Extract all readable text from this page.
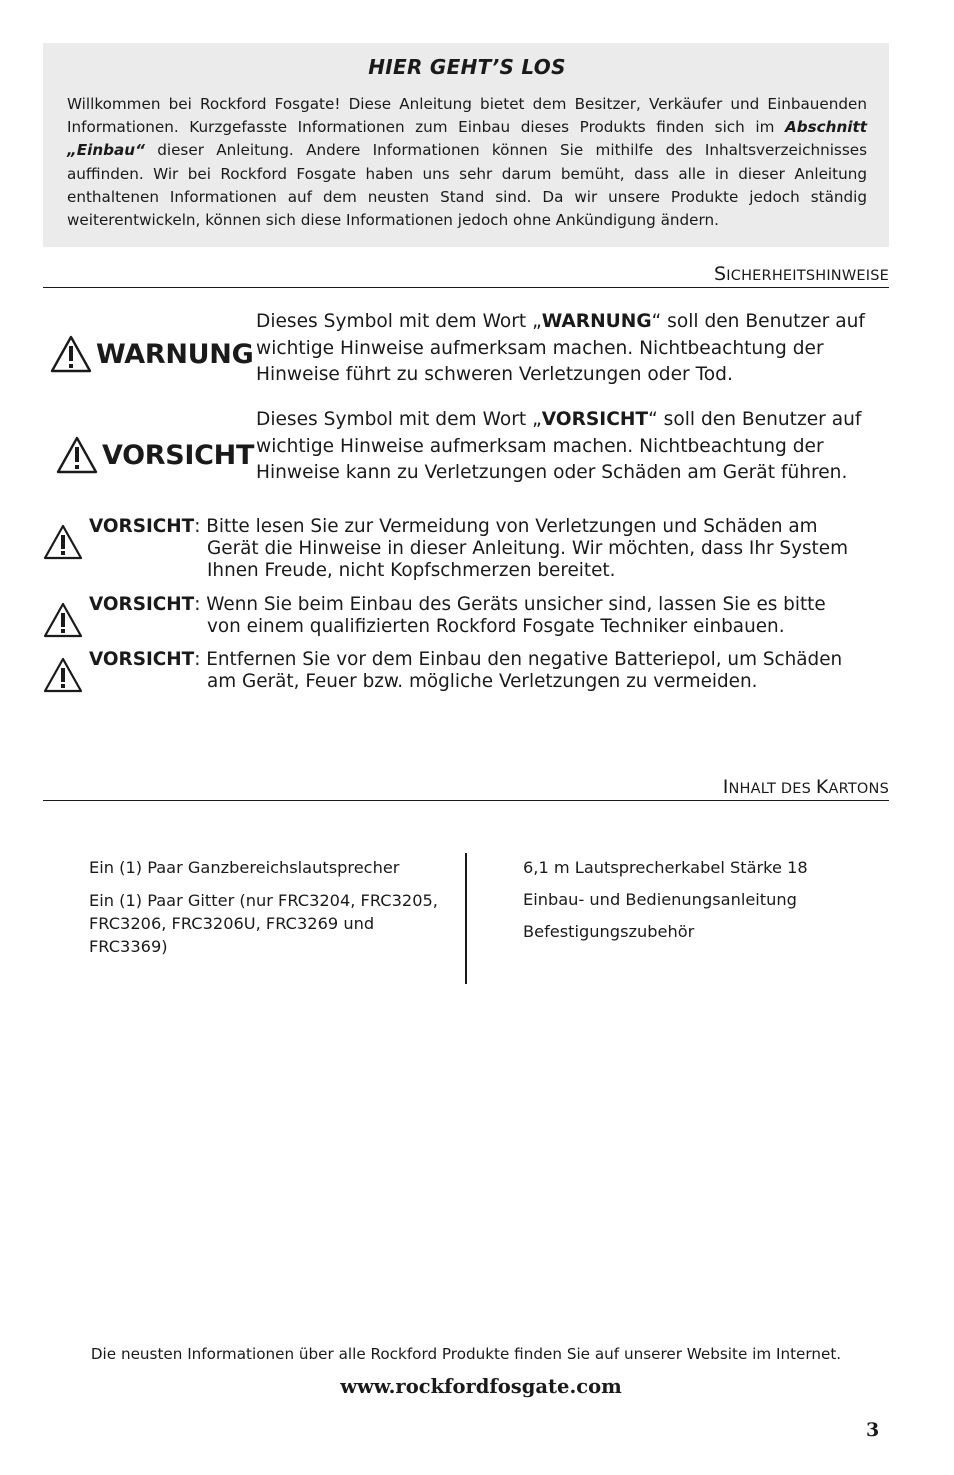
HIER GEHT’S LOS

Willkommen bei Rockford Fosgate! Diese Anleitung bietet dem Besitzer, Verkäufer und Einbauenden Informationen. Kurzgefasste Informationen zum Einbau dieses Produkts finden sich im Abschnitt „Einbau“ dieser Anleitung. Andere Informationen können Sie mithilfe des Inhaltsverzeichnisses auffinden. Wir bei Rockford Fosgate haben uns sehr darum bemüht, dass alle in dieser Anleitung enthaltenen Informationen auf dem neusten Stand sind. Da wir unsere Produkte jedoch ständig weiterentwickeln, können sich diese Informationen jedoch ohne Ankündigung ändern.

SICHERHEITSHINWEISE
WARNUNG

Dieses Symbol mit dem Wort „WARNUNG“ soll den Benutzer auf wichtige Hinweise aufmerksam machen. Nichtbeachtung der Hinweise führt zu schweren Verletzungen oder Tod.

VORSICHT

Dieses Symbol mit dem Wort „VORSICHT“ soll den Benutzer auf wichtige Hinweise aufmerksam machen. Nichtbeachtung der Hinweise kann zu Verletzungen oder Schäden am Gerät führen.

VORSICHT: Bitte lesen Sie zur Vermeidung von Verletzungen und Schäden am
Gerät die Hinweise in dieser Anleitung. Wir möchten, dass Ihr System Ihnen Freude, nicht Kopfschmerzen bereitet.
VORSICHT: Wenn Sie beim Einbau des Geräts unsicher sind, lassen Sie es bitte
von einem qualifizierten Rockford Fosgate Techniker einbauen.
VORSICHT: Entfernen Sie vor dem Einbau den negative Batteriepol, um Schäden
am Gerät, Feuer bzw. mögliche Verletzungen zu vermeiden.
INHALT DES KARTONS

Ein (1) Paar Ganzbereichslautsprecher

Ein (1) Paar Gitter (nur FRC3204, FRC3205, FRC3206, FRC3206U, FRC3269 und FRC3369)

6,1 m Lautsprecherkabel Stärke 18

Einbau- und Bedienungsanleitung

Befestigungszubehör

Die neusten Informationen über alle Rockford Produkte finden Sie auf unserer Website im Internet.
www.rockfordfosgate.com
3
